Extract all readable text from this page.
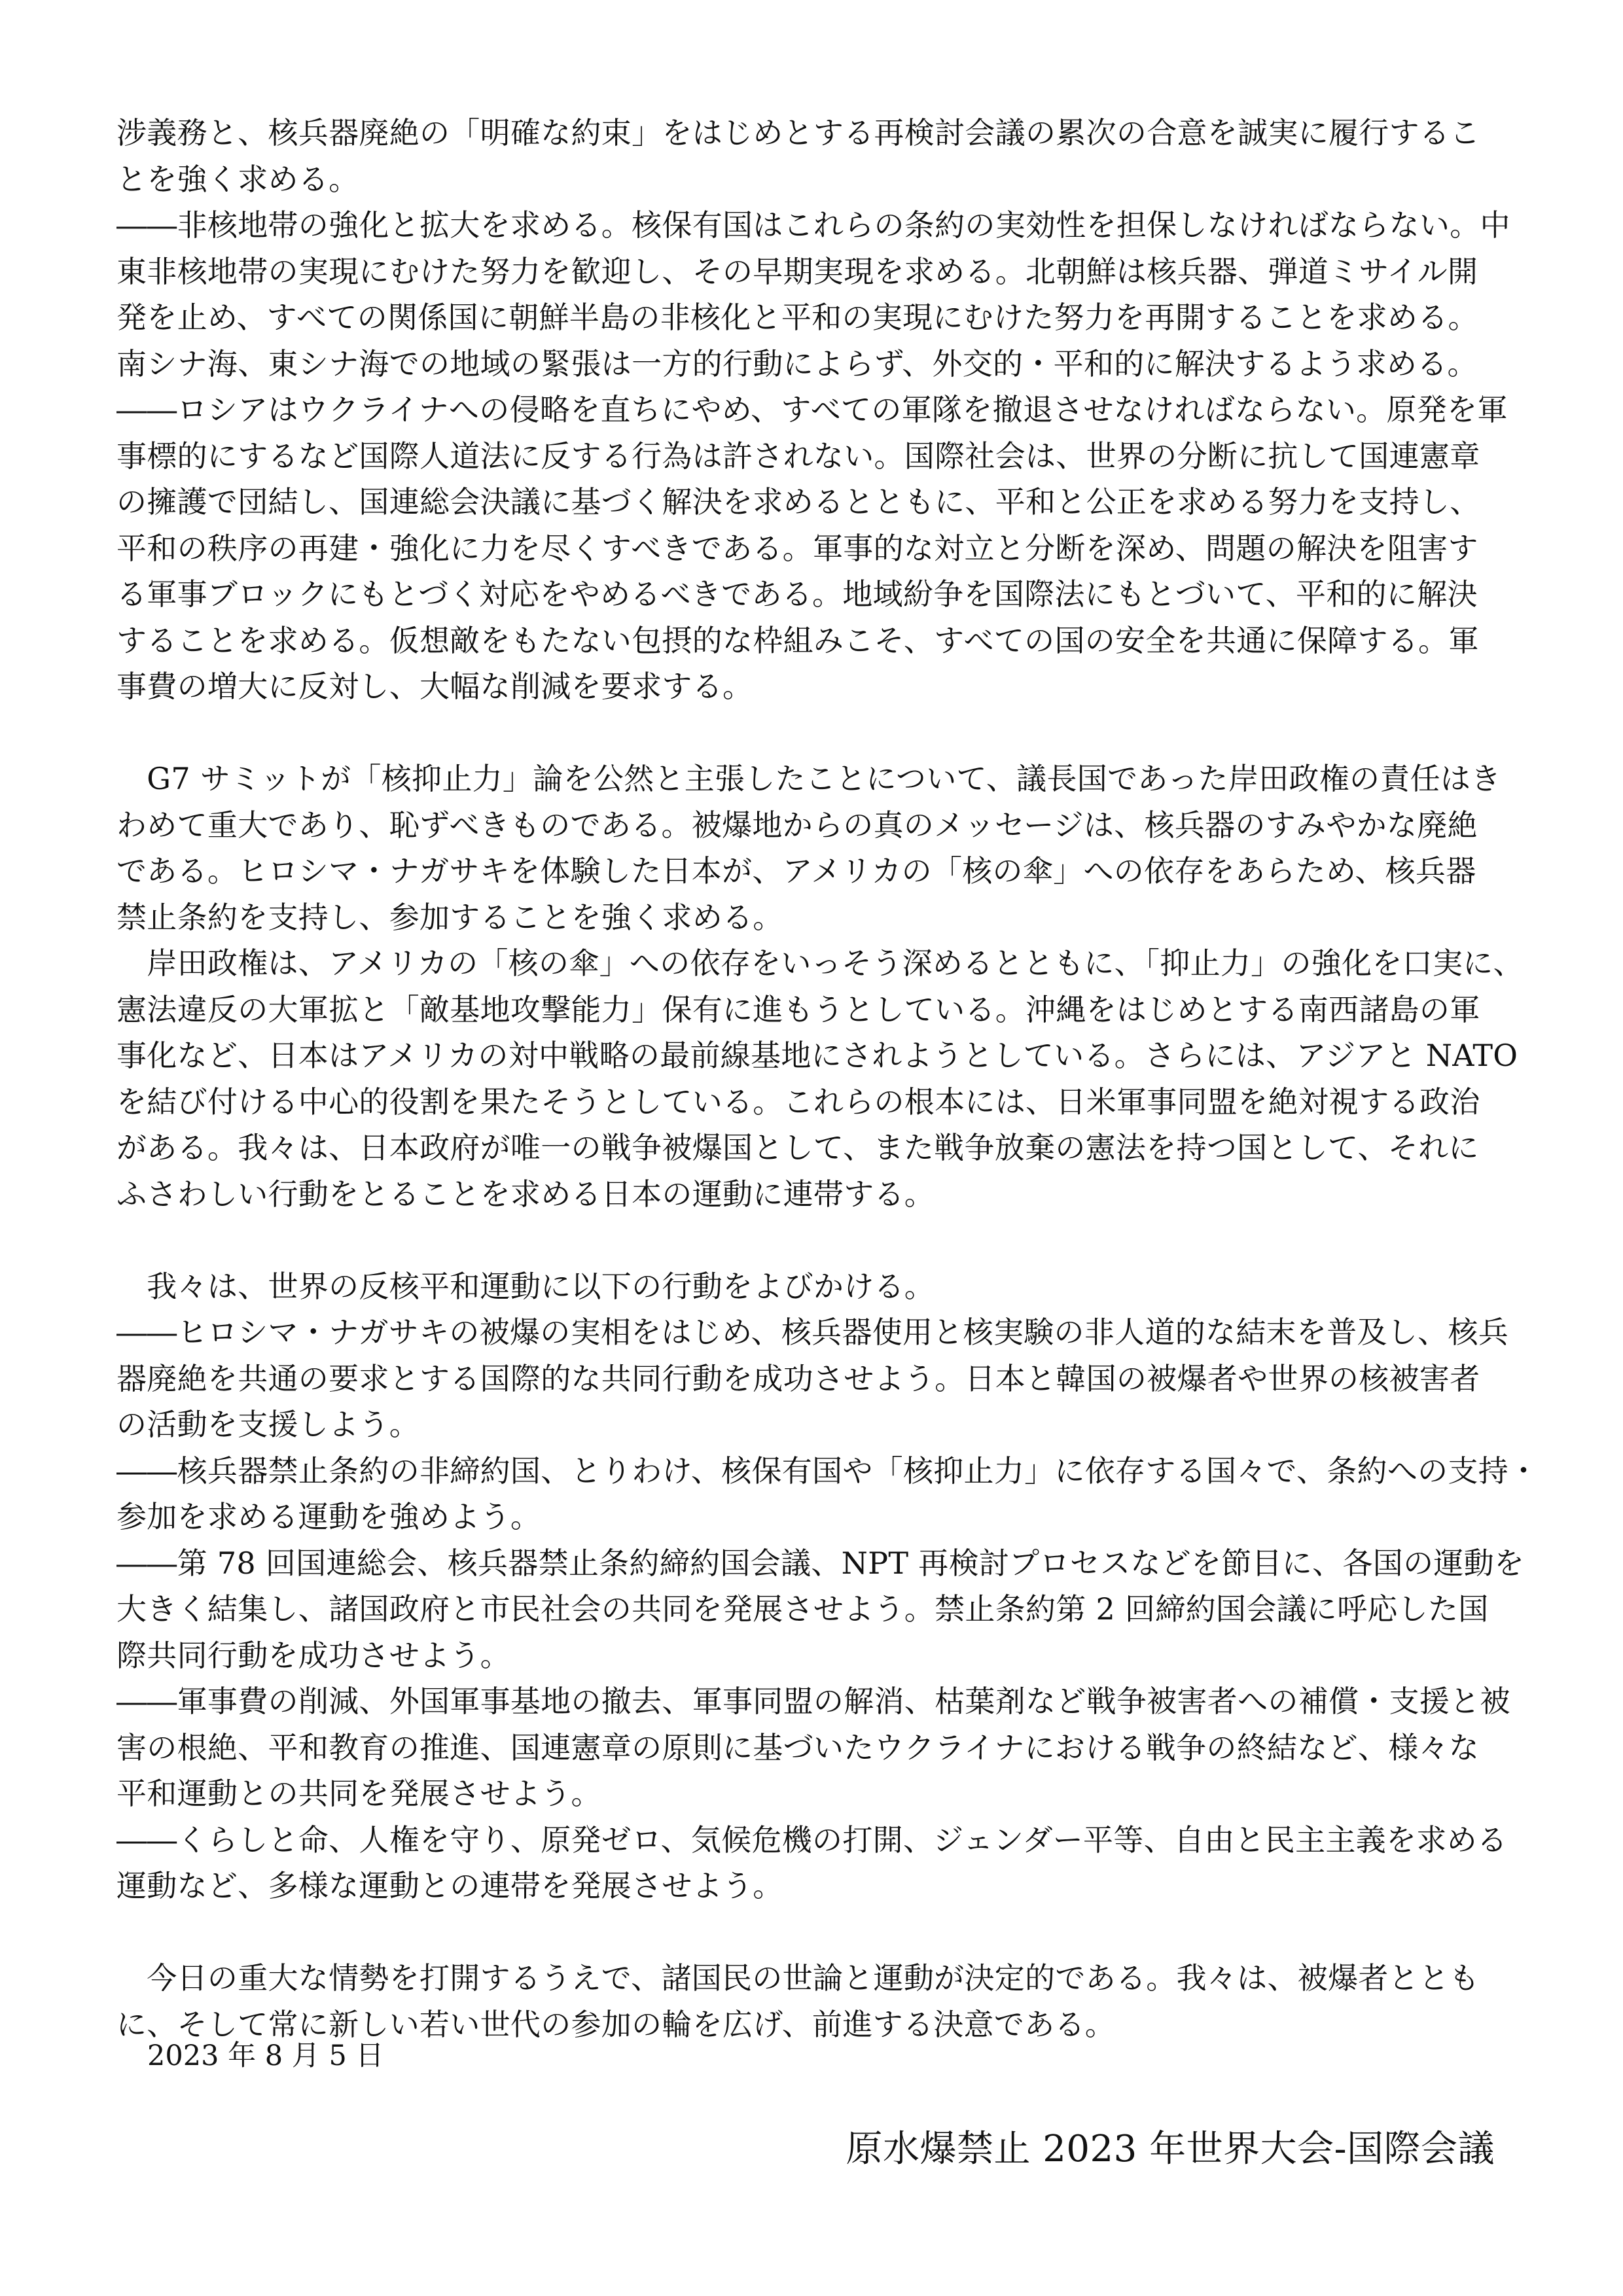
涉義務と、核兵器廃絶の「明確な約束」をはじめとする再検討会議の累次の合意を誠実に履行するこ
とを強く求める。
――非核地帯の強化と拡大を求める。核保有国はこれらの条約の実効性を担保しなければならない。中
東非核地帯の実現にむけた努力を歓迎し、その早期実現を求める。北朝鮮は核兵器、弾道ミサイル開
発を止め、すべての関係国に朝鮮半島の非核化と平和の実現にむけた努力を再開することを求める。
南シナ海、東シナ海での地域の緊張は一方的行動によらず、外交的・平和的に解決するよう求める。
――ロシアはウクライナへの侵略を直ちにやめ、すべての軍隊を撤退させなければならない。原発を軍
事標的にするなど国際人道法に反する行為は許されない。国際社会は、世界の分断に抗して国連憲章
の擁護で団結し、国連総会決議に基づく解決を求めるとともに、平和と公正を求める努力を支持し、
平和の秩序の再建・強化に力を尽くすべきである。軍事的な対立と分断を深め、問題の解決を阻害す
る軍事ブロックにもとづく対応をやめるべきである。地域紛争を国際法にもとづいて、平和的に解決
することを求める。仮想敵をもたない包摂的な枠組みこそ、すべての国の安全を共通に保障する。軍
事費の増大に反対し、大幅な削減を要求する。
　G7 サミットが「核抑止力」論を公然と主張したことについて、議長国であった岸田政権の責任はき
わめて重大であり、恥ずべきものである。被爆地からの真のメッセージは、核兵器のすみやかな廃絶
である。ヒロシマ・ナガサキを体験した日本が、アメリカの「核の傘」への依存をあらため、核兵器
禁止条約を支持し、参加することを強く求める。
　岸田政権は、アメリカの「核の傘」への依存をいっそう深めるとともに、「抑止力」の強化を口実に、
憲法違反の大軍拡と「敵基地攻撃能力」保有に進もうとしている。沖縄をはじめとする南西諸島の軍
事化など、日本はアメリカの対中戦略の最前線基地にされようとしている。さらには、アジアと NATO
を結び付ける中心的役割を果たそうとしている。これらの根本には、日米軍事同盟を絶対視する政治
がある。我々は、日本政府が唯一の戦争被爆国として、また戦争放棄の憲法を持つ国として、それに
ふさわしい行動をとることを求める日本の運動に連帯する。
　我々は、世界の反核平和運動に以下の行動をよびかける。
――ヒロシマ・ナガサキの被爆の実相をはじめ、核兵器使用と核実験の非人道的な結末を普及し、核兵
器廃絶を共通の要求とする国際的な共同行動を成功させよう。日本と韓国の被爆者や世界の核被害者
の活動を支援しよう。
――核兵器禁止条約の非締約国、とりわけ、核保有国や「核抑止力」に依存する国々で、条約への支持・
参加を求める運動を強めよう。
――第 78 回国連総会、核兵器禁止条約締約国会議、NPT 再検討プロセスなどを節目に、各国の運動を
大きく結集し、諸国政府と市民社会の共同を発展させよう。禁止条約第 2 回締約国会議に呼応した国
際共同行動を成功させよう。
――軍事費の削減、外国軍事基地の撤去、軍事同盟の解消、枯葉剤など戦争被害者への補償・支援と被
害の根絶、平和教育の推進、国連憲章の原則に基づいたウクライナにおける戦争の終結など、様々な
平和運動との共同を発展させよう。
――くらしと命、人権を守り、原発ゼロ、気候危機の打開、ジェンダー平等、自由と民主主義を求める
運動など、多様な運動との連帯を発展させよう。
　今日の重大な情勢を打開するうえで、諸国民の世論と運動が決定的である。我々は、被爆者ととも
に、そして常に新しい若い世代の参加の輪を広げ、前進する決意である。
2023 年 8 月 5 日
原水爆禁止 2023 年世界大会-国際会議
